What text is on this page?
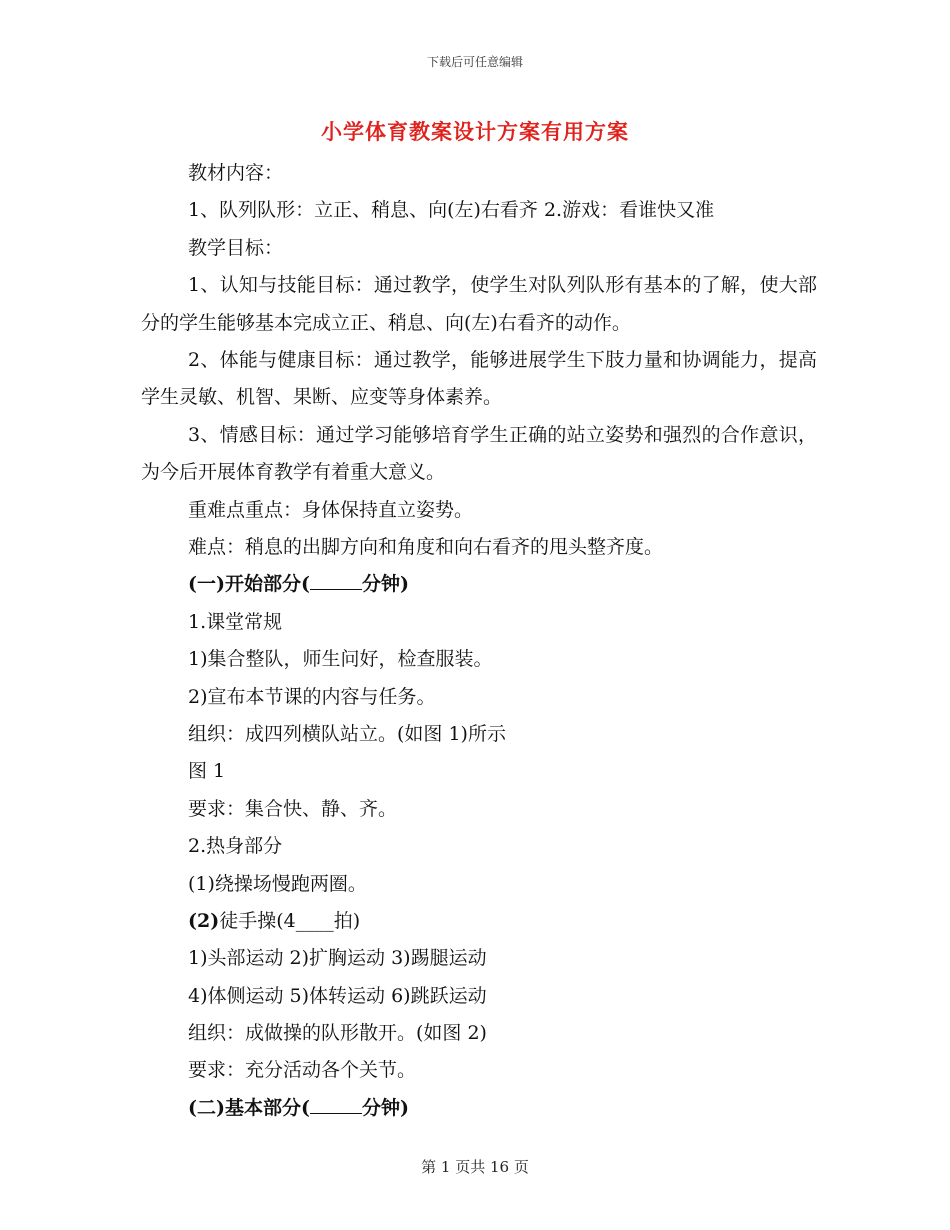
下载后可任意编辑
小学体育教案设计方案有用方案
教材内容：
1、队列队形：立正、稍息、向(左)右看齐 2.游戏：看谁快又准
教学目标：
1、认知与技能目标：通过教学，使学生对队列队形有基本的了解，使大部分的学生能够基本完成立正、稍息、向(左)右看齐的动作。
2、体能与健康目标：通过教学，能够进展学生下肢力量和协调能力，提高学生灵敏、机智、果断、应变等身体素养。
3、情感目标：通过学习能够培育学生正确的站立姿势和强烈的合作意识，为今后开展体育教学有着重大意义。
重难点重点：身体保持直立姿势。
难点：稍息的出脚方向和角度和向右看齐的甩头整齐度。
(一)开始部分(	分钟)
1.课堂常规
1)集合整队，师生问好，检查服装。
2)宣布本节课的内容与任务。
组织：成四列横队站立。(如图 1)所示
图 1
要求：集合快、静、齐。
2.热身部分
(1)绕操场慢跑两圈。
(2)徒手操(4____拍)
1)头部运动 2)扩胸运动 3)踢腿运动
4)体侧运动 5)体转运动 6)跳跃运动
组织：成做操的队形散开。(如图 2)
要求：充分活动各个关节。
(二)基本部分(	分钟)
第 1 页共 16 页
